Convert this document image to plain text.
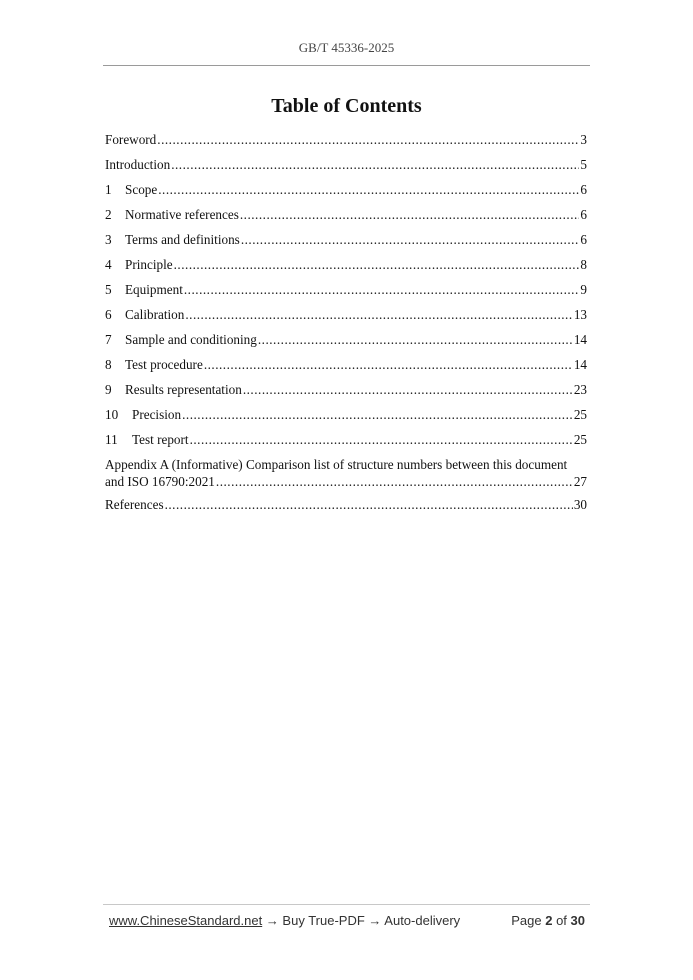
GB/T 45336-2025
Table of Contents
Foreword .....	3
Introduction .....	5
1	Scope .....	6
2	Normative references .....	6
3	Terms and definitions .....	6
4	Principle .....	8
5	Equipment .....	9
6	Calibration .....	13
7	Sample and conditioning .....	14
8	Test procedure .....	14
9	Results representation .....	23
10	Precision .....	25
11	Test report .....	25
Appendix A (Informative) Comparison list of structure numbers between this document
and ISO 16790:2021 .....	27
References .....	30
www.ChineseStandard.net → Buy True-PDF → Auto-delivery	Page 2 of 30
